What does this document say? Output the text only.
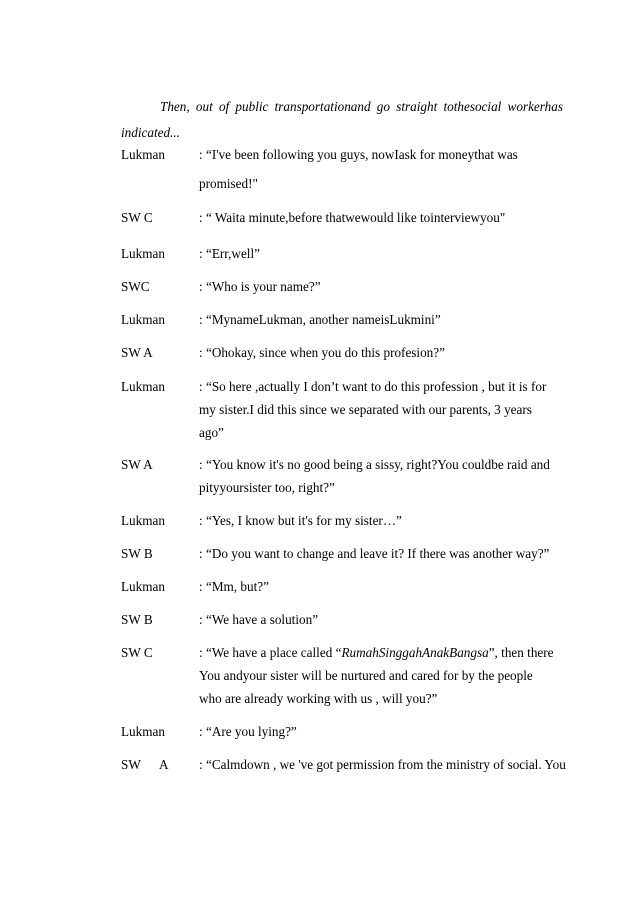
Then, out of public transportationand go straight tothesocial workerhas
indicated...
Lukman	: “I've been following you guys, nowIask for moneythat was
promised!"
SW C	: “ Waita minute,before thatwewould like tointerviewyou"
Lukman	: “Err,well”
SWC	: “Who is your name?”
Lukman	: “MynameLukman, another nameisLukmini”
SW A	: “Ohokay, since when you do this profesion?”
Lukman	: “So here ,actually I don’t want to do this profession , but it is for
my sister.I did this since we separated with our parents, 3 years
ago”
SW A	: “You know it's no good being a sissy, right?You couldbe raid and
pityyoursister too, right?”
Lukman	: “Yes, I know but it's for my sister…”
SW B	: “Do you want to change and leave it? If there was another way?”
Lukman	: “Mm, but?”
SW B	: “We have a solution”
SW C	: “We have a place called “RumahSinggahAnakBangsa”, then there
You andyour sister will be nurtured and cared for by the people
who are already working with us , will you?”
Lukman	: “Are you lying?”
SW A : “Calmdown , we 've got permission from the ministry of social. You
